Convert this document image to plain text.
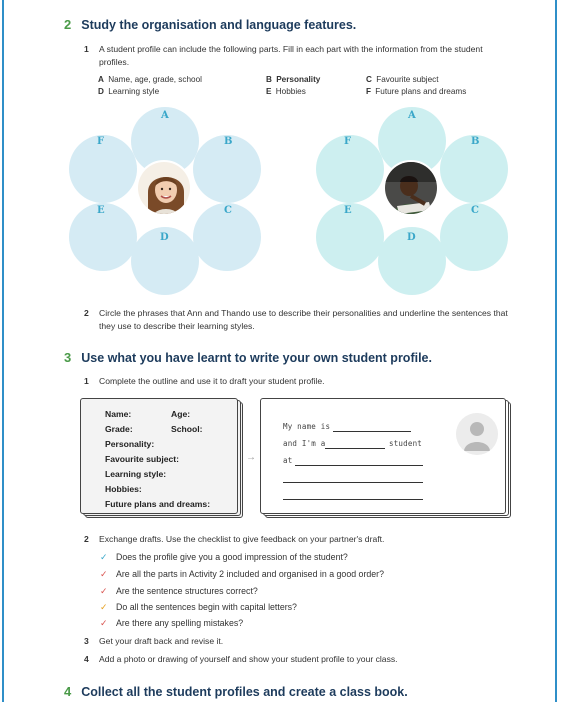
2 Study the organisation and language features.
1 A student profile can include the following parts. Fill in each part with the information from the student profiles.
A Name, age, grade, school	B Personality	C Favourite subject
D Learning style	E Hobbies	F Future plans and dreams
A
F	B
E	C
D
A
F	B
E	C
D
2 Circle the phrases that Ann and Thando use to describe their personalities and underline the sentences that they use to describe their learning styles.
3 Use what you have learnt to write your own student profile.
1 Complete the outline and use it to draft your student profile.
Name:	Age:
Grade:	School:
Personality:
Favourite subject:
Learning style:
Hobbies:
Future plans and dreams:
→
My name is
and I'm a	student
at
2 Exchange drafts. Use the checklist to give feedback on your partner's draft.
✓ Does the profile give you a good impression of the student?
✓ Are all the parts in Activity 2 included and organised in a good order?
✓ Are the sentence structures correct?
✓ Do all the sentences begin with capital letters?
✓ Are there any spelling mistakes?
3 Get your draft back and revise it.
4 Add a photo or drawing of yourself and show your student profile to your class.
4 Collect all the student profiles and create a class book.
